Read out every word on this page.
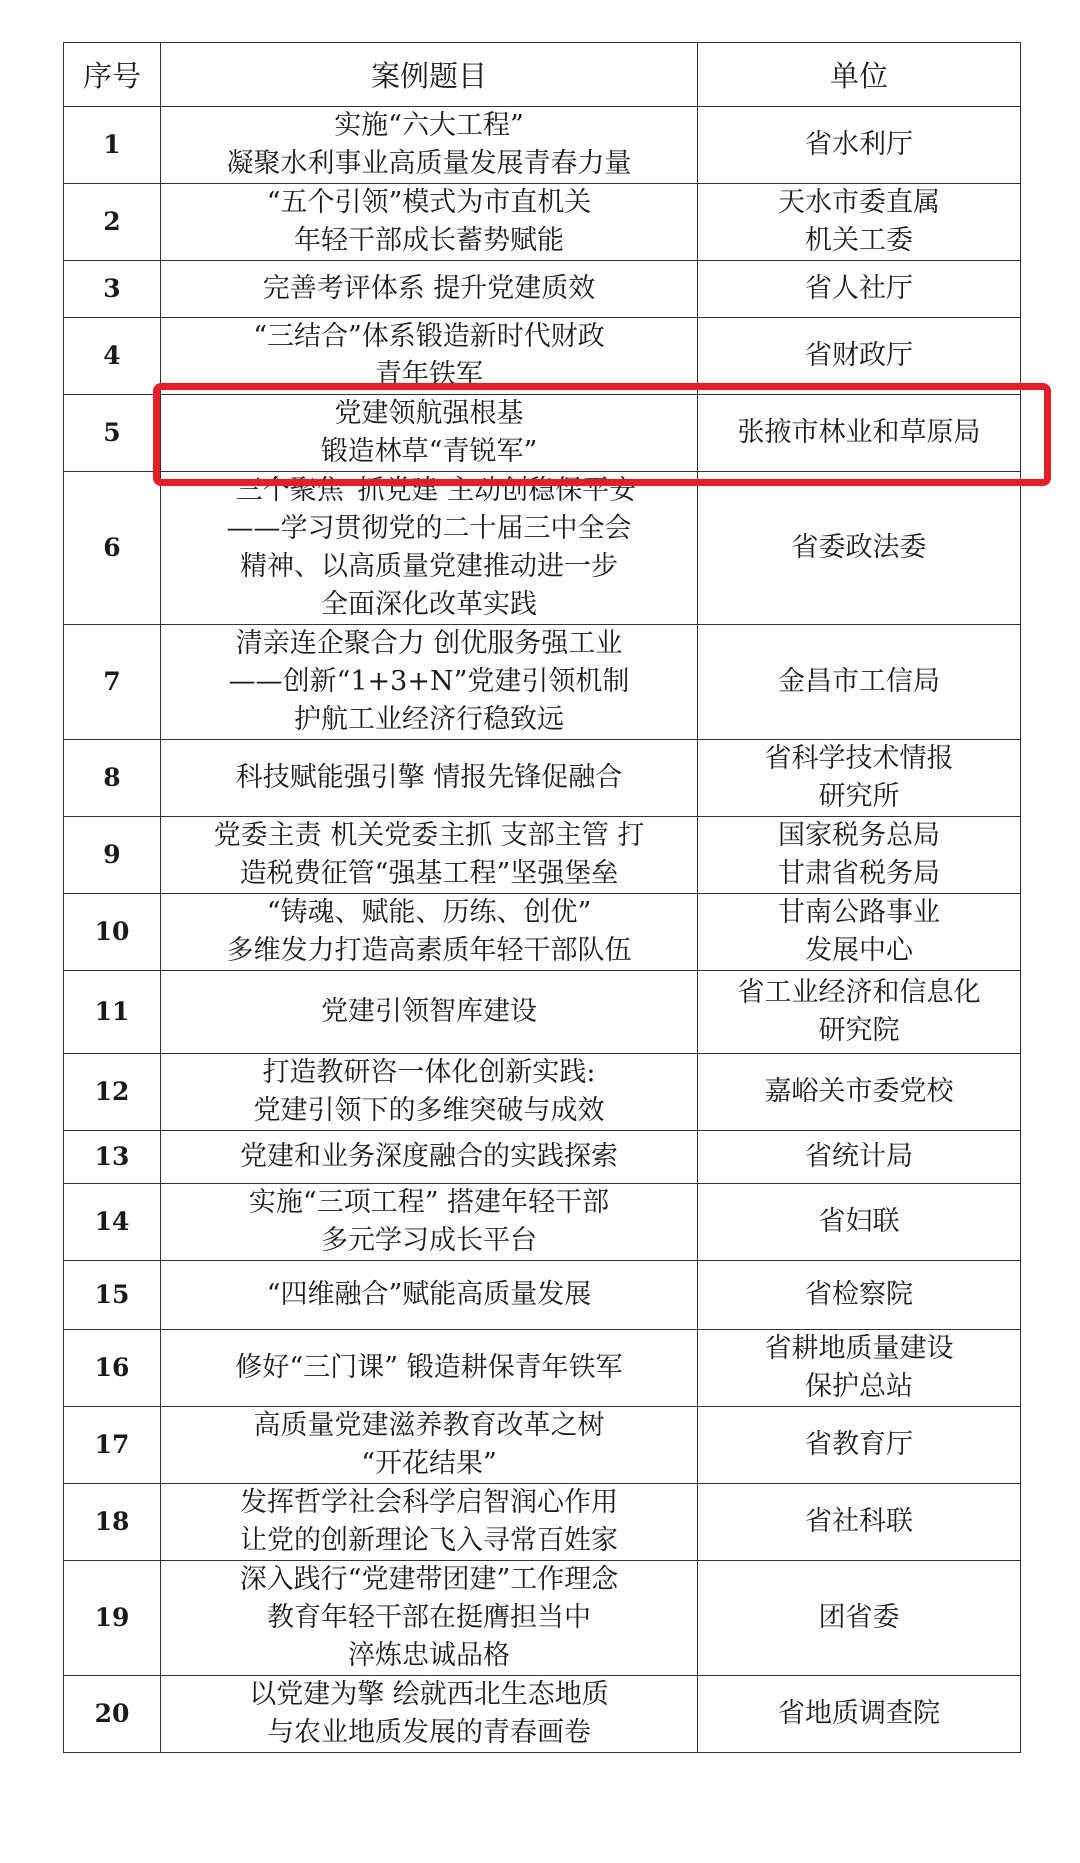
序号	案例题目	单位
1	实施“六大工程”
凝聚水利事业高质量发展青春力量	省水利厅

2	“五个引领”模式为市直机关
年轻干部成长蓄势赋能	天水市委直属
机关工委

3	完善考评体系 提升党建质效	省人社厅

4	“三结合”体系锻造新时代财政
青年铁军	省财政厅

5	党建领航强根基
锻造林草“青锐军”	张掖市林业和草原局

6	“三个聚焦”抓党建 主动创稳保平安
——学习贯彻党的二十届三中全会
精神、以高质量党建推动进一步
全面深化改革实践	省委政法委

7	清亲连企聚合力 创优服务强工业
——创新“1+3+N”党建引领机制
护航工业经济行稳致远	金昌市工信局

8	科技赋能强引擎 情报先锋促融合	省科学技术情报
研究所

9	党委主责 机关党委主抓 支部主管 打
造税费征管“强基工程”坚强堡垒	国家税务总局
甘肃省税务局

10	“铸魂、赋能、历练、创优”
多维发力打造高素质年轻干部队伍	甘南公路事业
发展中心

11	党建引领智库建设	省工业经济和信息化
研究院

12	打造教研咨一体化创新实践:
党建引领下的多维突破与成效	嘉峪关市委党校

13	党建和业务深度融合的实践探索	省统计局

14	实施“三项工程” 搭建年轻干部
多元学习成长平台	省妇联

15	“四维融合”赋能高质量发展	省检察院

16	修好“三门课” 锻造耕保青年铁军	省耕地质量建设
保护总站

17	高质量党建滋养教育改革之树
“开花结果”	省教育厅

18	发挥哲学社会科学启智润心作用
让党的创新理论飞入寻常百姓家	省社科联

19	深入践行“党建带团建”工作理念
教育年轻干部在挺膺担当中
淬炼忠诚品格	团省委

20	以党建为擎 绘就西北生态地质
与农业地质发展的青春画卷	省地质调查院
